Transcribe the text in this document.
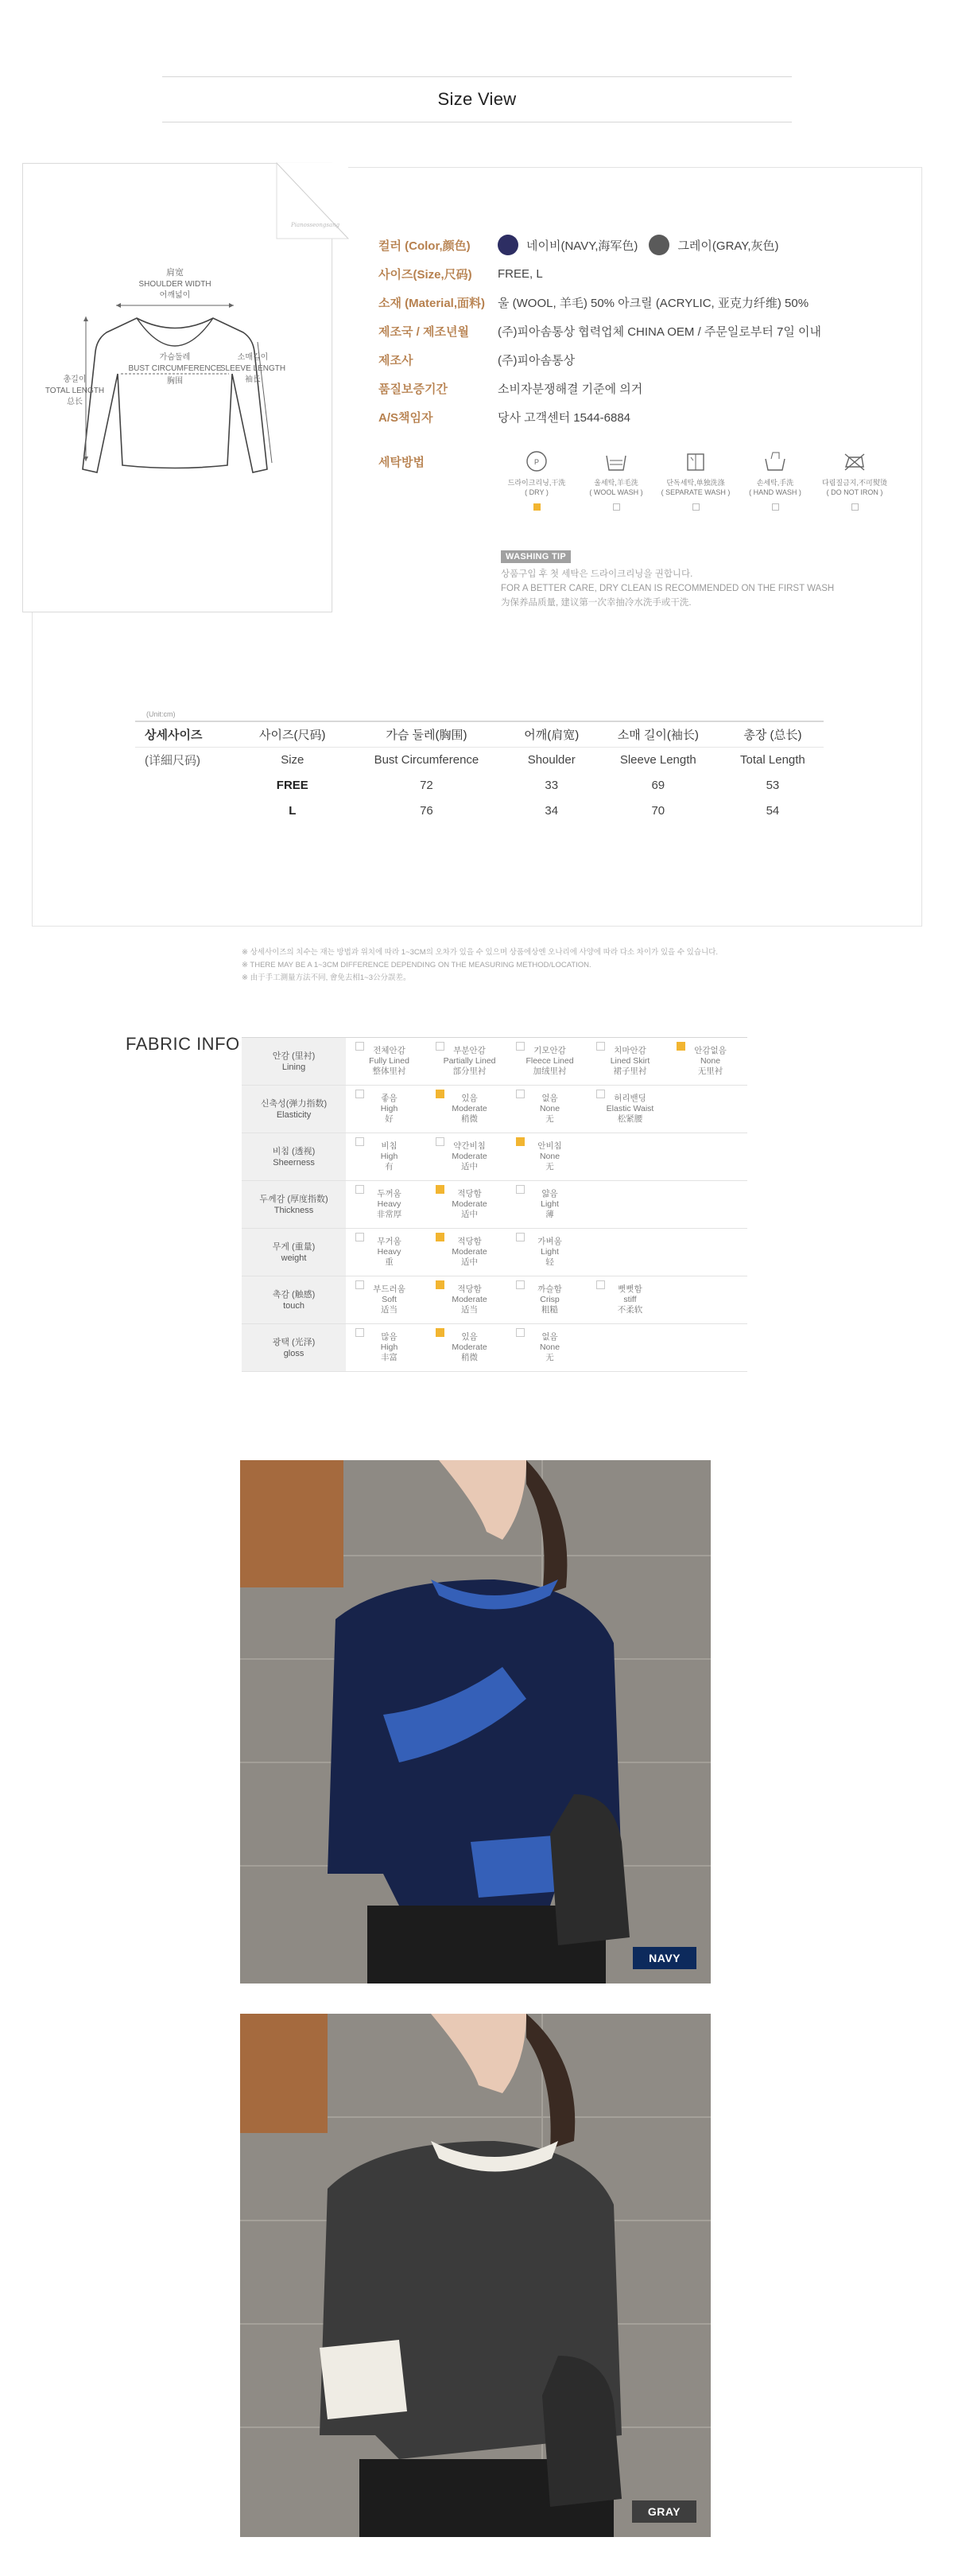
Size View
Pianosseongsang
肩宽
SHOULDER WIDTH
어깨넓이
총길이
TOTAL LENGTH
总长
가슴둘레
BUST CIRCUMFERENCE
胸围
소매길이
SLEEVE LENGTH
袖长
컬러 (Color,颜色)	네이비(NAVY,海军色)	그레이(GRAY,灰色)
사이즈(Size,尺码)	FREE, L
소재 (Material,面料)	울 (WOOL, 羊毛) 50% 아크릴 (ACRYLIC, 亚克力纤维) 50%
제조국 / 제조년월	(주)피아솜통상 협력업체 CHINA OEM / 주문일로부터 7일 이내
제조사	(주)피아솜통상
품질보증기간	소비자분쟁해결 기준에 의거
A/S책임자	당사 고객센터 1544-6884
세탁방법	P
드라이크리닝,干洗
( DRY )
울세탁,羊毛洗
( WOOL WASH )
단독세탁,单独洗涤
( SEPARATE WASH )
손세탁,手洗
( HAND WASH )
다림질금지,不可熨烫
( DO NOT IRON )
WASHING TIP
상품구입 후 첫 세탁은 드라이크리닝을 권합니다.
FOR A BETTER CARE, DRY CLEAN IS RECOMMENDED ON THE FIRST WASH
为保养品质量, 建议第一次幸抽冷水洗手或干洗.
(Unit:cm)
상세사이즈	사이즈(尺码)	가슴 둘레(胸围)	어깨(肩宽)	소매 길이(袖长)	총장 (总长)
(详細尺码)	Size	Bust Circumference	Shoulder	Sleeve Length	Total Length
	FREE	72	33	69	53
	L	76	34	70	54
※ 상세사이즈의 치수는 재는 방법과 위치에 따라 1~3CM의 오차가 있을 수 있으며 상품에상엔 오나리에 사양에 따라 다소 차이가 있을 수 있습니다.
※ THERE MAY BE A 1~3CM DIFFERENCE DEPENDING ON THE MEASURING METHOD/LOCATION.
※ 由于手工測量方法不同, 會免去相1~3公分誤差。
FABRIC INFO
안감 (里衬)
Lining	전체안감
Fully Lined
整体里衬	부분안감
Partially Lined
部分里衬	기모안감
Fleece Lined
加绒里衬	치마안감
Lined Skirt
裙子里衬	안감없음
None
无里衬

신축성(弹力指数)
Elasticity	좋음
High
好	있음
Moderate
稍微	없음
None
无	허리밴딩
Elastic Waist
松紧腰	

비침 (透视)
Sheerness	비침
High
有	약간비침
Moderate
适中	안비침
None
无		

두께감 (厚度指数)
Thickness	두꺼움
Heavy
非常厚	적당함
Moderate
适中	얇음
Light
薄		

무게 (重量)
weight	무거움
Heavy
重	적당함
Moderate
适中	가벼움
Light
轻		

촉감 (触感)
touch	부드러움
Soft
适当	적당함
Moderate
适当	까슬함
Crisp
粗糙	뻣뻣함
stiff
不柔软	

광택 (光泽)
gloss	많음
High
丰富	있음
Moderate
稍微	없음
None
无		

NAVY
GRAY
